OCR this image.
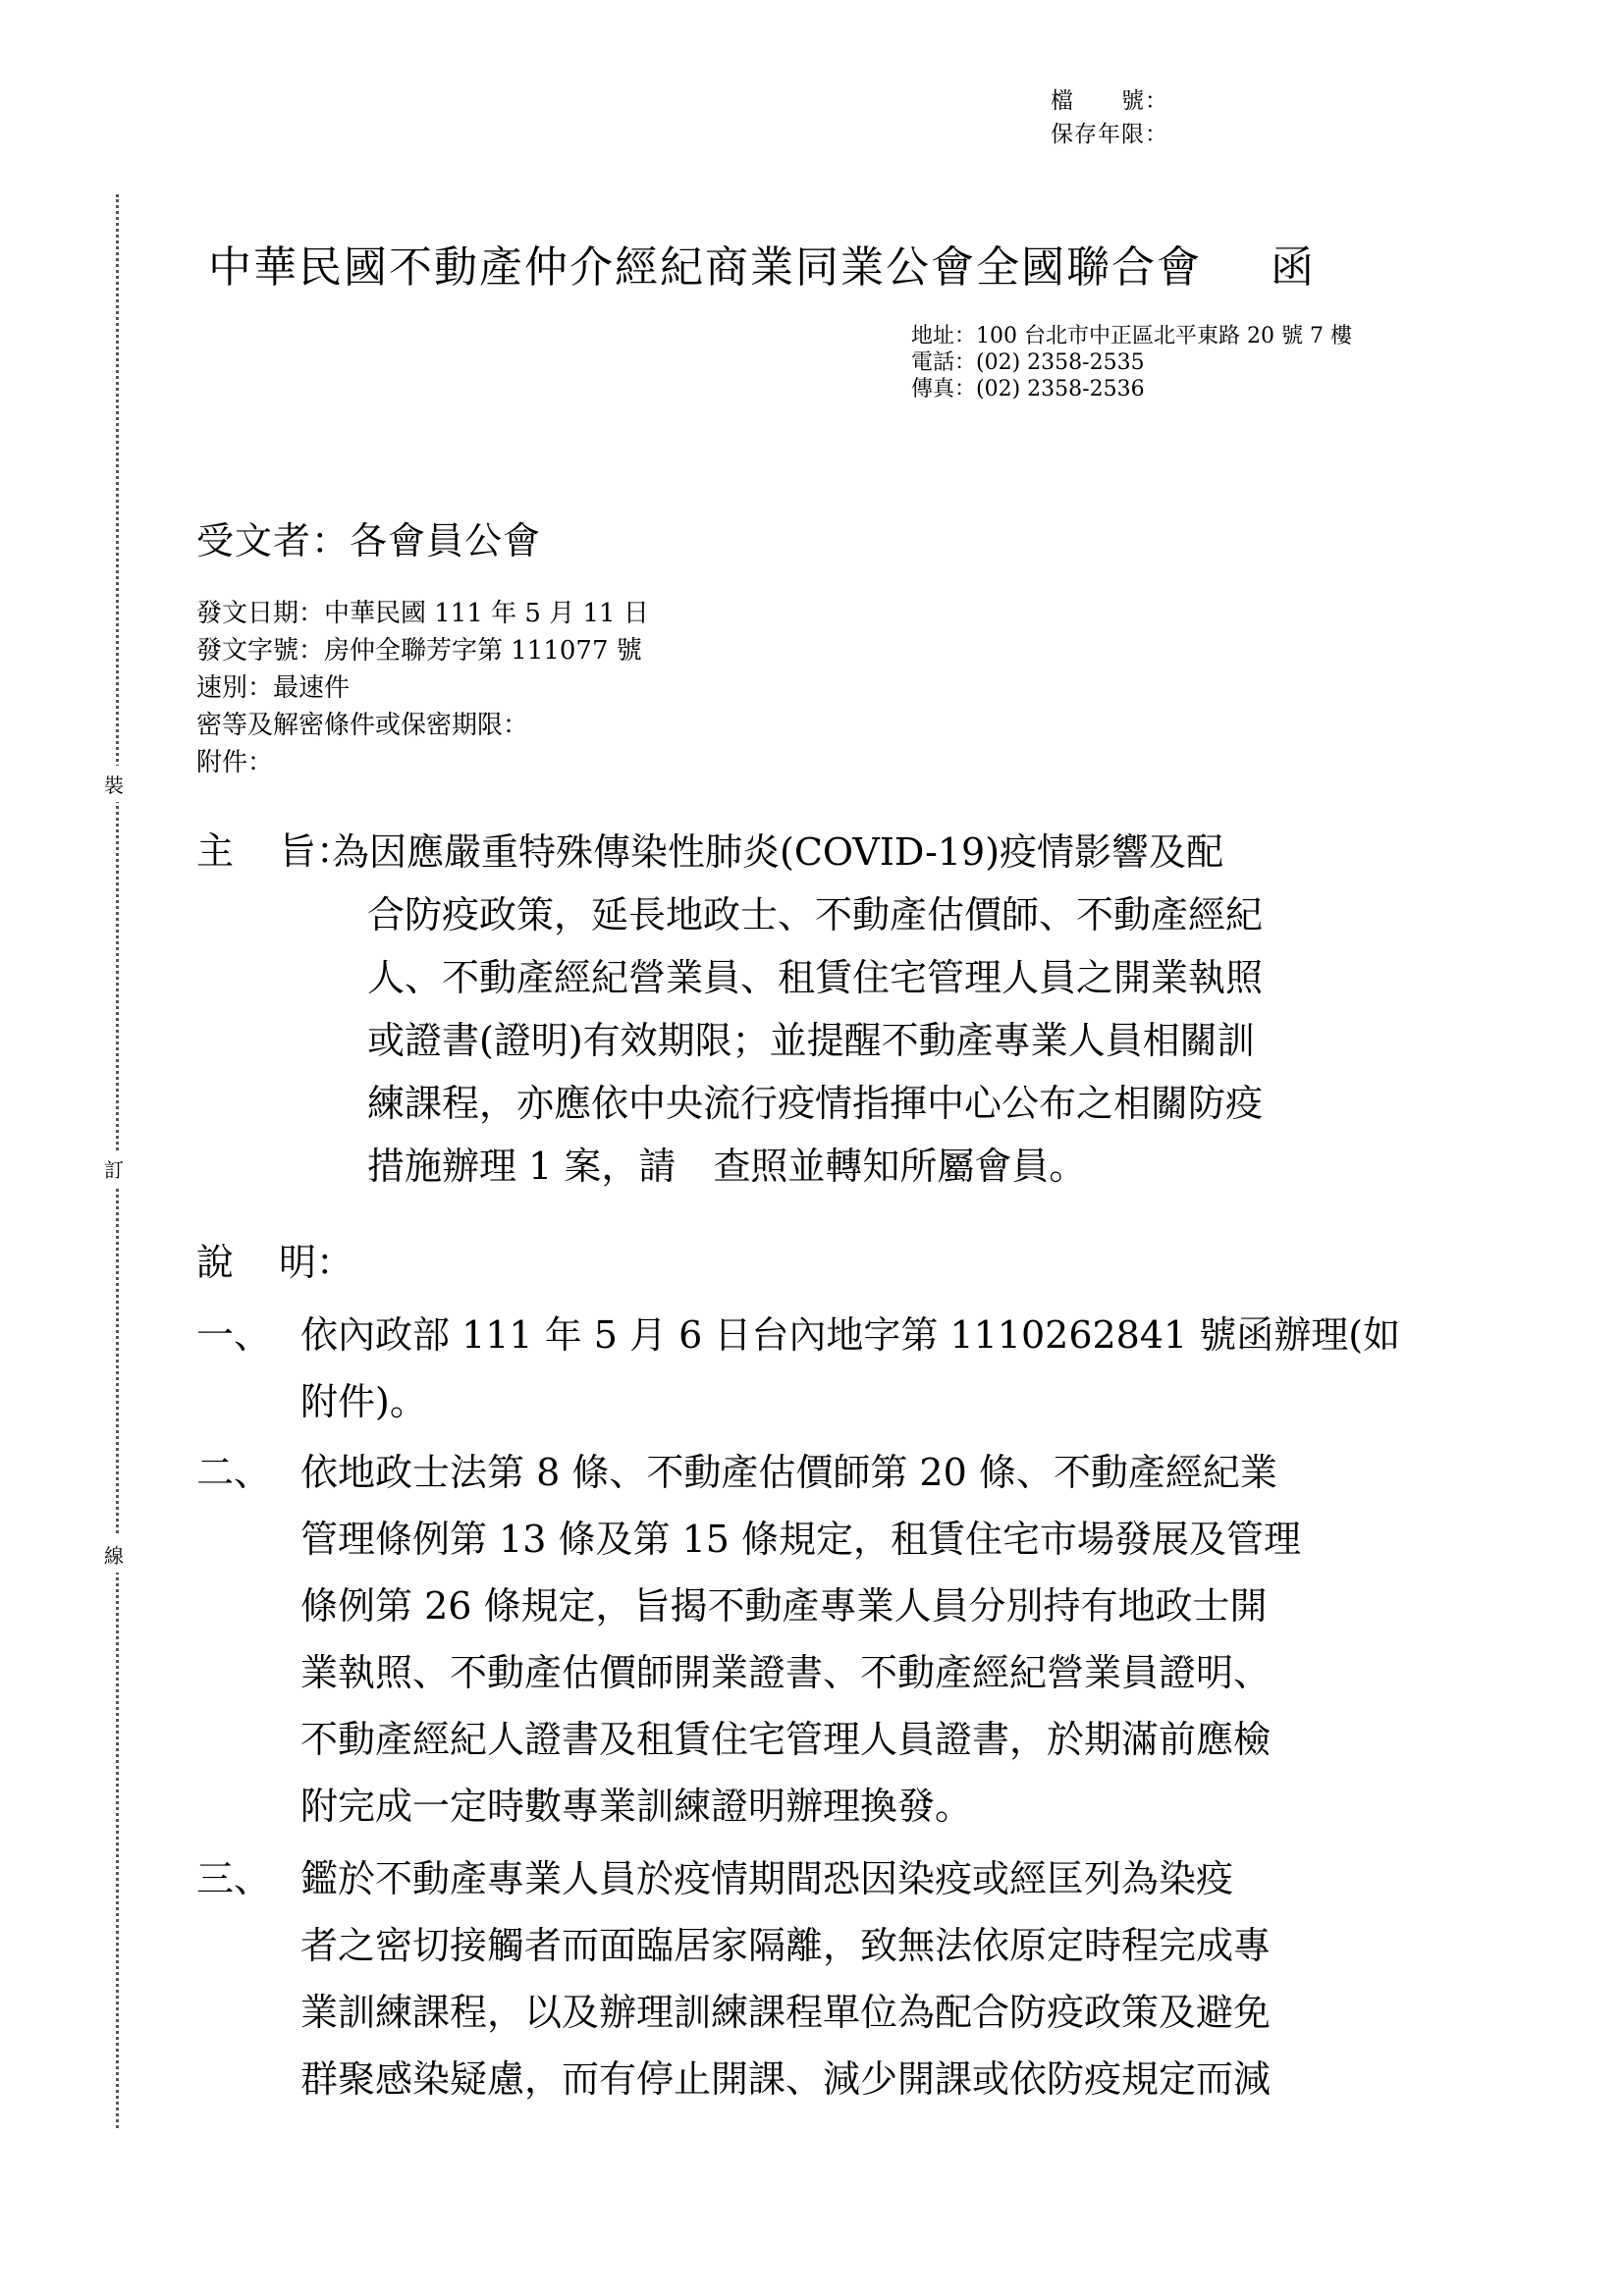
檔　　號：
保存年限：
裝
訂
線
中華民國不動產仲介經紀商業同業公會全國聯合會 函
地址：100 台北市中正區北平東路 20 號 7 樓
電話：(02) 2358-2535
傳真：(02) 2358-2536
受文者：各會員公會
發文日期：中華民國 111 年 5 月 11 日
發文字號：房仲全聯芳字第 111077 號
速別：最速件
密等及解密條件或保密期限：
附件：
主 旨：
為因應嚴重特殊傳染性肺炎(COVID-19)疫情影響及配
合防疫政策，延長地政士、不動產估價師、不動產經紀
人、不動產經紀營業員、租賃住宅管理人員之開業執照
或證書(證明)有效期限；並提醒不動產專業人員相關訓
練課程，亦應依中央流行疫情指揮中心公布之相關防疫
措施辦理 1 案，請　查照並轉知所屬會員。
說 明：
一、 依內政部 111 年 5 月 6 日台內地字第 1110262841 號函辦理(如
附件)。
二、 依地政士法第 8 條、不動產估價師第 20 條、不動產經紀業
管理條例第 13 條及第 15 條規定，租賃住宅市場發展及管理
條例第 26 條規定，旨揭不動產專業人員分別持有地政士開
業執照、不動產估價師開業證書、不動產經紀營業員證明、
不動產經紀人證書及租賃住宅管理人員證書，於期滿前應檢
附完成一定時數專業訓練證明辦理換發。
三、 鑑於不動產專業人員於疫情期間恐因染疫或經匡列為染疫
者之密切接觸者而面臨居家隔離，致無法依原定時程完成專
業訓練課程，以及辦理訓練課程單位為配合防疫政策及避免
群聚感染疑慮，而有停止開課、減少開課或依防疫規定而減
